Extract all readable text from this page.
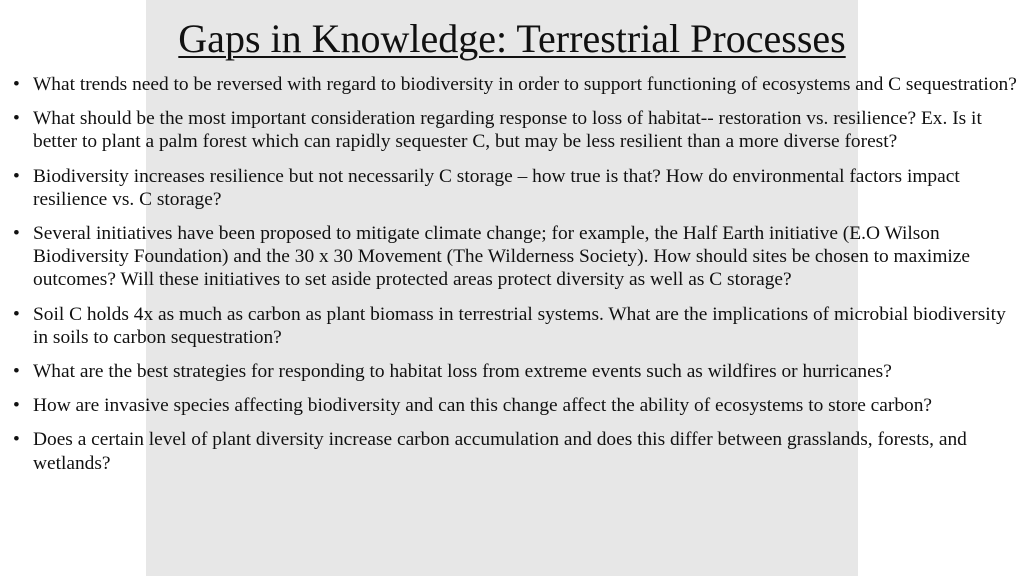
Gaps in Knowledge: Terrestrial Processes
• What trends need to be reversed with regard to biodiversity in order to support functioning of ecosystems and C sequestration?
• What should be the most important consideration regarding response to loss of habitat-- restoration vs. resilience? Ex. Is it better to plant a palm forest which can rapidly sequester C, but may be less resilient than a more diverse forest?
• Biodiversity increases resilience but not necessarily C storage – how true is that? How do environmental factors impact resilience vs. C storage?
• Several initiatives have been proposed to mitigate climate change; for example, the Half Earth initiative (E.O Wilson Biodiversity Foundation) and the 30 x 30 Movement (The Wilderness Society). How should sites be chosen to maximize outcomes? Will these initiatives to set aside protected areas protect diversity as well as C storage?
• Soil C holds 4x as much as carbon as plant biomass in terrestrial systems. What are the implications of microbial biodiversity in soils to carbon sequestration?
• What are the best strategies for responding to habitat loss from extreme events such as wildfires or hurricanes?
• How are invasive species affecting biodiversity and can this change affect the ability of ecosystems to store carbon?
• Does a certain level of plant diversity increase carbon accumulation and does this differ between grasslands, forests, and wetlands?
